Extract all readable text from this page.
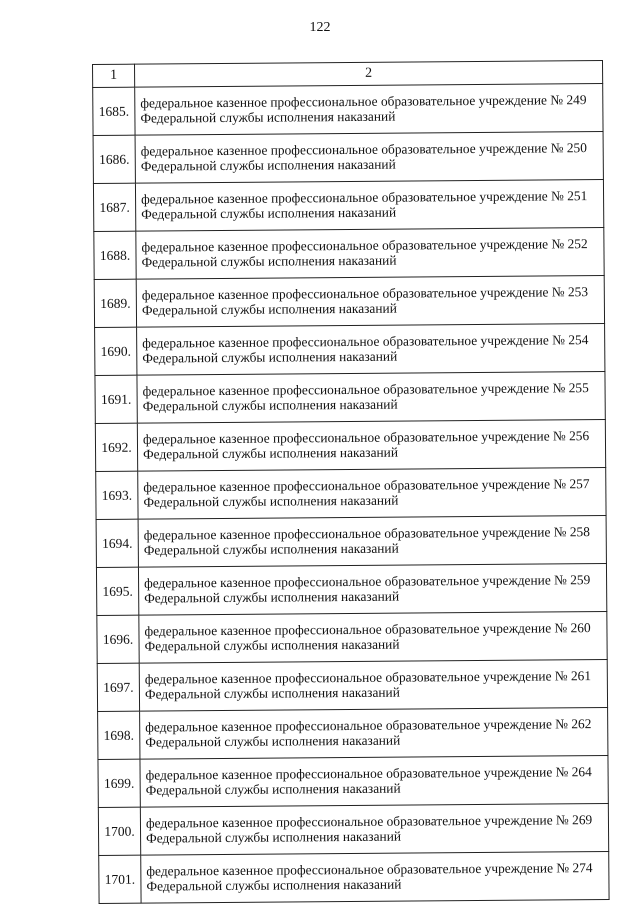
122
1	2
1685.	федеральное казенное профессиональное образовательное учреждение № 249
Федеральной службы исполнения наказаний

1686.	федеральное казенное профессиональное образовательное учреждение № 250
Федеральной службы исполнения наказаний

1687.	федеральное казенное профессиональное образовательное учреждение № 251
Федеральной службы исполнения наказаний

1688.	федеральное казенное профессиональное образовательное учреждение № 252
Федеральной службы исполнения наказаний

1689.	федеральное казенное профессиональное образовательное учреждение № 253
Федеральной службы исполнения наказаний

1690.	федеральное казенное профессиональное образовательное учреждение № 254
Федеральной службы исполнения наказаний

1691.	федеральное казенное профессиональное образовательное учреждение № 255
Федеральной службы исполнения наказаний

1692.	федеральное казенное профессиональное образовательное учреждение № 256
Федеральной службы исполнения наказаний

1693.	федеральное казенное профессиональное образовательное учреждение № 257
Федеральной службы исполнения наказаний

1694.	федеральное казенное профессиональное образовательное учреждение № 258
Федеральной службы исполнения наказаний

1695.	федеральное казенное профессиональное образовательное учреждение № 259
Федеральной службы исполнения наказаний

1696.	федеральное казенное профессиональное образовательное учреждение № 260
Федеральной службы исполнения наказаний

1697.	федеральное казенное профессиональное образовательное учреждение № 261
Федеральной службы исполнения наказаний

1698.	федеральное казенное профессиональное образовательное учреждение № 262
Федеральной службы исполнения наказаний

1699.	федеральное казенное профессиональное образовательное учреждение № 264
Федеральной службы исполнения наказаний

1700.	федеральное казенное профессиональное образовательное учреждение № 269
Федеральной службы исполнения наказаний

1701.	федеральное казенное профессиональное образовательное учреждение № 274
Федеральной службы исполнения наказаний
